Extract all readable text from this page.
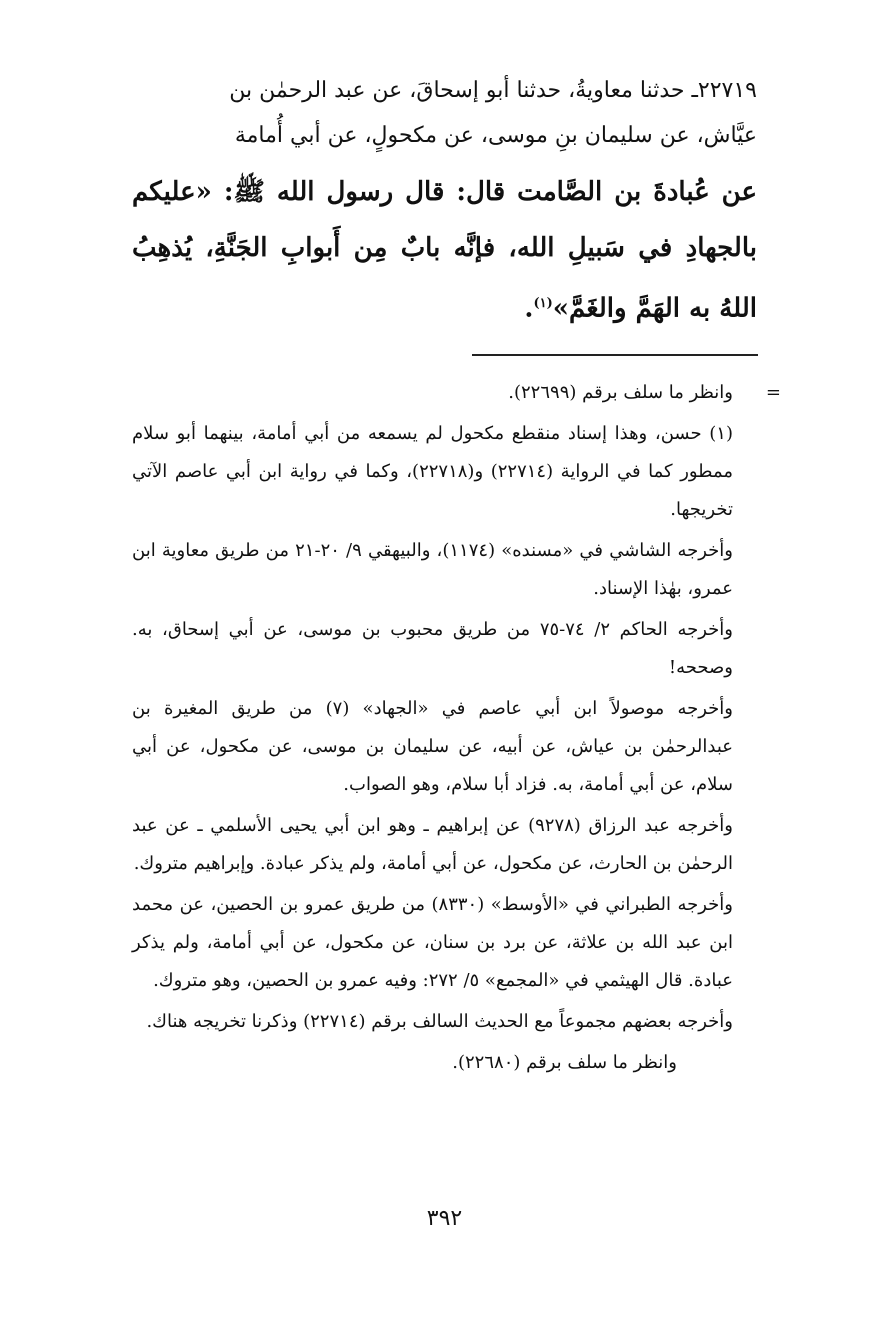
٢٢٧١٩ـ حدثنا معاويةُ، حدثنا أبو إسحاقَ، عن عبد الرحمٰن بن
عيَّاش، عن سليمان بنِ موسى، عن مكحولٍ، عن أبي أُمامة
عن عُبادةَ بن الصَّامت قال: قال رسول الله ﷺ: «عليكم بالجهادِ في سَبيلِ الله، فإنَّه بابٌ مِن أَبوابِ الجَنَّةِ، يُذهِبُ اللهُ به الهَمَّ والغَمَّ»$^{(١)}$.
=
وانظر ما سلف برقم (٢٢٦٩٩).
(١) حسن، وهذا إسناد منقطع مكحول لم يسمعه من أبي أمامة، بينهما أبو سلام ممطور كما في الرواية (٢٢٧١٤) و(٢٢٧١٨)، وكما في رواية ابن أبي عاصم الآتي تخريجها.
وأخرجه الشاشي في «مسنده» (١١٧٤)، والبيهقي ٩/ ٢٠-٢١ من طريق معاوية ابن عمرو، بهٰذا الإسناد.
وأخرجه الحاكم ٢/ ٧٤-٧٥ من طريق محبوب بن موسى، عن أبي إسحاق، به. وصححه!
وأخرجه موصولاً ابن أبي عاصم في «الجهاد» (٧) من طريق المغيرة بن عبدالرحمٰن بن عياش، عن أبيه، عن سليمان بن موسى، عن مكحول، عن أبي سلام، عن أبي أمامة، به. فزاد أبا سلام، وهو الصواب.
وأخرجه عبد الرزاق (٩٢٧٨) عن إبراهيم ـ وهو ابن أبي يحيى الأسلمي ـ عن عبد الرحمٰن بن الحارث، عن مكحول، عن أبي أمامة، ولم يذكر عبادة. وإبراهيم متروك.
وأخرجه الطبراني في «الأوسط» (٨٣٣٠) من طريق عمرو بن الحصين، عن محمد ابن عبد الله بن علاثة، عن برد بن سنان، عن مكحول، عن أبي أمامة، ولم يذكر عبادة. قال الهيثمي في «المجمع» ٥/ ٢٧٢: وفيه عمرو بن الحصين، وهو متروك.
وأخرجه بعضهم مجموعاً مع الحديث السالف برقم (٢٢٧١٤) وذكرنا تخريجه هناك.
وانظر ما سلف برقم (٢٢٦٨٠).
٣٩٢
